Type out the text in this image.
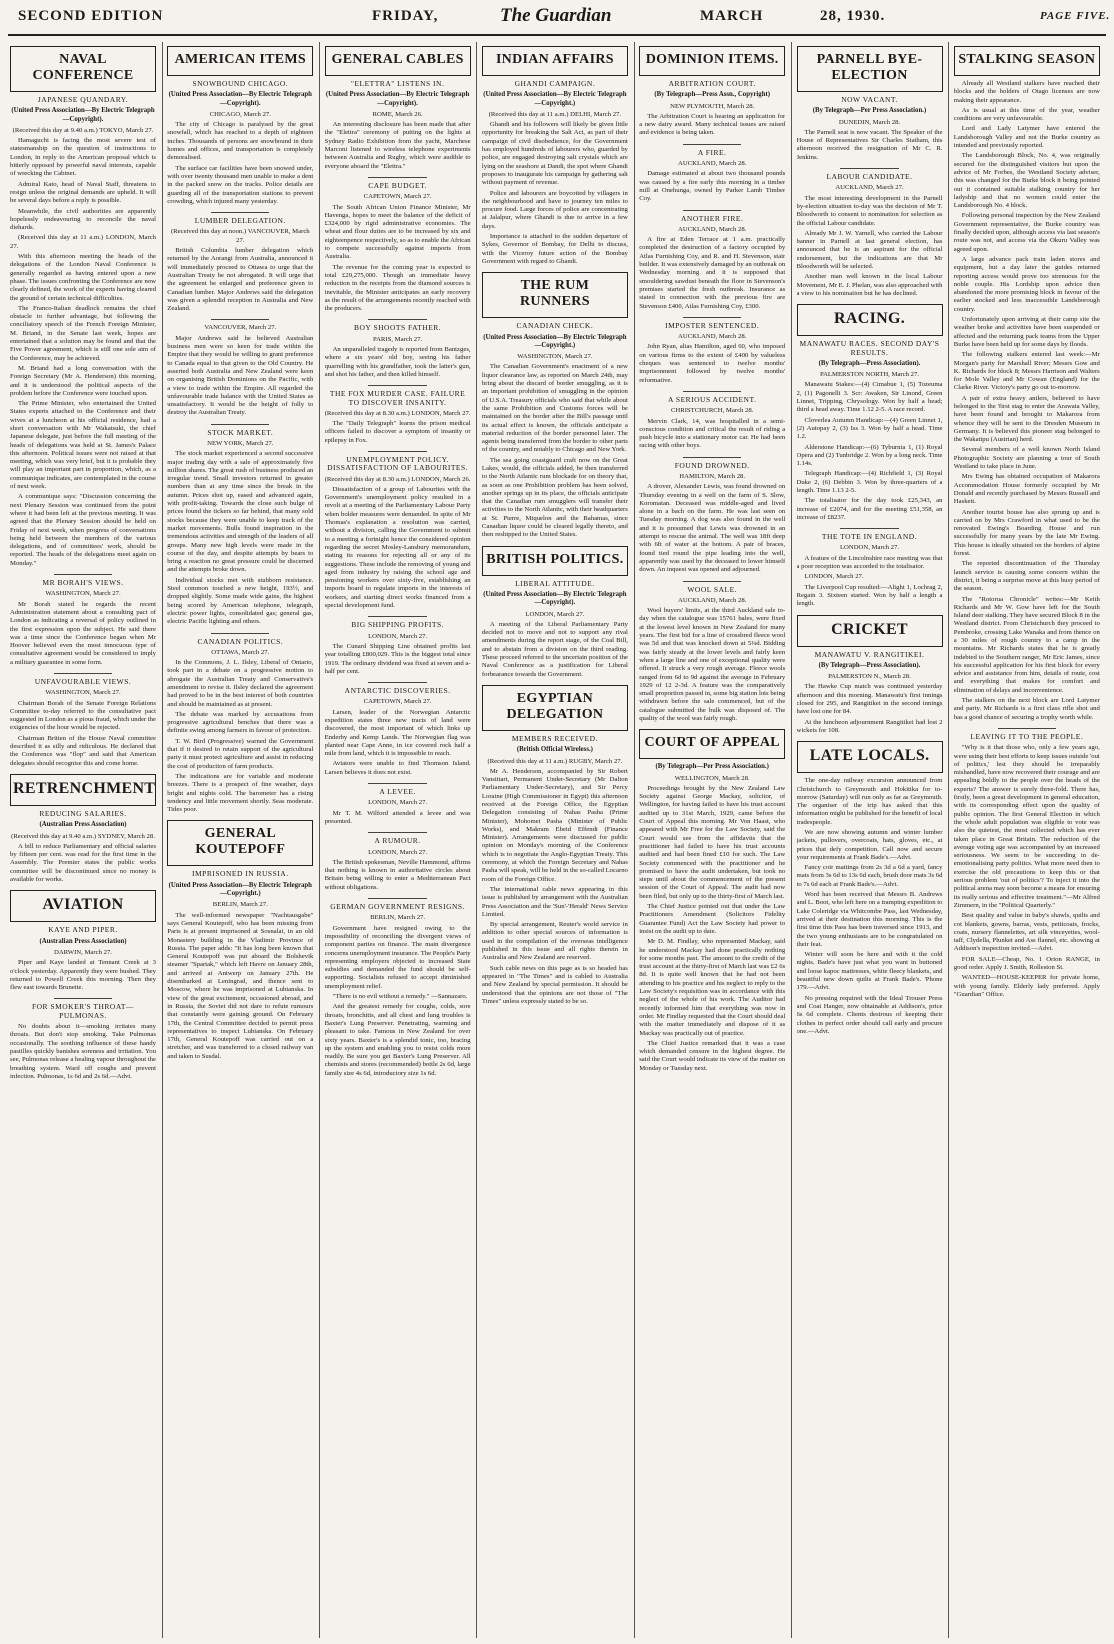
SECOND EDITION	FRIDAY,	The Guardian	MARCH	28, 1930.	PAGE FIVE.
NAVAL CONFERENCE
JAPANESE QUANDARY.
(United Press Association—By Electric Telegraph—Copyright).

(Received this day at 9.40 a.m.) TOKYO, March 27.

Hamaguchi is facing the most severe test of statesmanship on the question of instructions to London, in reply to the American proposal which is bitterly opposed by powerful naval interests, capable of wrecking the Cabinet.

Admiral Kato, head of Naval Staff, threatens to resign unless the original demands are upheld. It will be several days before a reply is possible.

Meanwhile, the civil authorities are apparently hopelessly endeavouring to reconcile the naval diehards.

(Received this day at 11 a.m.) LONDON, March 27.

With this afternoon meeting the heads of the delegations of the London Naval Conference is generally regarded as having entered upon a new phase. The issues confronting the Conference are now clearly defined, the work of the experts having cleared the ground of certain technical difficulties.

The Franco-Italian deadlock remains the chief obstacle to further advantage, but following the conciliatory speech of the French Foreign Minister, M. Briand, in the Senate last week, hopes are entertained that a solution may be found and that the Five Power agreement, which is still one sole aim of the Conference, may be achieved.

M. Briand had a long conversation with the Foreign Secretary (Mr A. Henderson) this morning, and it is understood the political aspects of the problem before the Conference were touched upon.

The Prime Minister, who entertained the United States experts attached to the Conference and their wives at a luncheon at his official residence, had a short conversation with Mr Wakatsuki, the chief Japanese delegate, just before the full meeting of the heads of delegations was held at St. James's Palace this afternoon. Political issues were not raised at that meeting, which was very brief, but it is probable they will play an important part in proportion, which, as a communique indicates, are contemplated in the course of next week.

A communique says: "Discussion concerning the next Plenary Session was continued from the point where it had been left at the previous meeting. It was agreed that the Plenary Session should be held on Friday of next week, when progress of conversations being held between the members of the various delegations, and of committees' work, should be reported. The heads of the delegations meet again on Monday."

MR BORAH'S VIEWS.

WASHINGTON, March 27.

Mr Borah stated he regards the recent Administration statement about a consulting pact of London as indicating a reversal of policy outlined in the first expression upon the subject. He said there was a time since the Conference began when Mr Hoover believed even the most innocuous type of consultative agreement would be considered to imply a military guarantee in some form.

UNFAVOURABLE VIEWS.

WASHINGTON, March 27.

Chairman Borah of the Senate Foreign Relations Committee to-day referred to the consultative pact suggested in London as a pious fraud, which under the exigencies of the hour would be rejected.

Chairman Britten of the House Naval committee described it as silly and ridiculous. He declared that the Conference was "flop" and said that American delegates should recognise this and come home.

RETRENCHMENT
REDUCING SALARIES.
(Australian Press Association)

(Received this day at 9.40 a.m.) SYDNEY, March 28.

A bill to reduce Parliamentary and official salaries by fifteen per cent. was read for the first time in the Assembly. The Premier states the public works committee will be discontinued since no money is available for works.

AVIATION
KAYE AND PIPER.
(Australian Press Association)

DARWIN, March 27.

Piper and Kaye landed at Tennant Creek at 3 o'clock yesterday. Apparently they were bushed. They returned to Powell Creek this morning. Then they flew east towards Brunette.

FOR SMOKER'S THROAT—PULMONAS.

No doubts about it—smoking irritates many throats. But don't stop smoking. Take Pulmonas occasionally. The soothing influence of these handy pastilles quickly banishes soreness and irritation. You see, Pulmonas release a healing vapour throughout the breathing system. Ward off coughs and prevent infection. Pulmonas, 1s 6d and 2s 6d.—Advt.

AMERICAN ITEMS
SNOWBOUND CHICAGO.
(United Press Association—By Electric Telegraph—Copyright).

CHICAGO, March 27.

The city of Chicago is paralysed by the great snowfall, which has reached to a depth of eighteen inches. Thousands of persons are snowbound in their homes and offices, and transportation is completely demoralised.

The surface car facilities have been snowed under, with over twenty thousand men unable to make a dent in the packed snow on the tracks. Police details are guarding all of the transportation stations to prevent crowding, which injured many yesterday.

LUMBER DELEGATION.

(Received this day at noon.) VANCOUVER, March 27.

British Columbia lumber delegation which returned by the Aorangi from Australia, announced it will immediately proceed to Ottawa to urge that the Australian Treaty be not abrogated. It will urge that the agreement be enlarged and preference given to Canadian lumber. Major Andrews said the delegation was given a splendid reception in Australia and New Zealand.

VANCOUVER, March 27.

Major Andrews said he believed Australian business men were so keen for trade within the Empire that they would be willing to grant preference to Canada equal to that given to the Old Country. He asserted both Australia and New Zealand were keen on organising British Dominions on the Pacific, with a view to trade within the Empire. All regarded the unfavourable trade balance with the United States as unsatisfactory. It would be the height of folly to destroy the Australian Treaty.

STOCK MARKET.

NEW YORK, March 27.

The stock market experienced a second successive major trading day with a sale of approximately five million shares. The great rush of business produced an irregular trend. Small investors returned in greater numbers than at any time since the break in the autumn. Prices shot up, eased and advanced again, with profit-taking. Towards the close such bulge of prices found the tickers so far behind, that many sold stocks because they were unable to keep track of the market movements. Bulls found inspiration in the tremendous activities and strength of the leaders of all groups. Many new high levels were made in the course of the day, and despite attempts by bears to bring a reaction no great pressure could be discerned and the attempts broke down.

Individual stocks met with stubborn resistance. Steel common touched a new height, 193½, and dropped slightly. Some made wide gains, the highest being scored by American telephone, telegraph, electric power lights, consolidated gas; general gas, electric Pacific lighting and others.

CANADIAN POLITICS.

OTTAWA, March 27.

In the Commons, J. L. Ilsley, Liberal of Ontario, took part in a debate on a progressive motion to abrogate the Australian Treaty and Conservative's amendment to revise it. Ilsley declared the agreement had proved to be in the best interest of both countries and should be maintained as at present.

The debate was marked by accusations from progressive agricultural benches that there was a definite swing among farmers in favour of protection.

T. W. Bird (Progressive) warned the Government that if it desired to retain support of the agricultural party it must protect agriculture and assist in reducing the cost of production of farm products.

The indications are for variable and moderate breezes. There is a prospect of fine weather, days bright and nights cold. The barometer has a rising tendency and little movement shortly. Seas moderate. Tides poor.

GENERAL KOUTEPOFF
IMPRISONED IN RUSSIA.
(United Press Association—By Electric Telegraph—Copyright.)

BERLIN, March 27.

The well-informed newspaper "Nachtausgabe" says General Koutepoff, who has been missing from Paris is at present imprisoned at Sosnalai, in an old Monastery building in the Vladimir Province of Russia. The paper adds: "It has long been known that General Koutepoff was put aboard the Bolshevik steamer "Spartak," which left Havre on January 28th, and arrived at Antwerp on January 27th. He disembarked at Leningrad, and thence sent to Moscow, where he was imprisoned at Lubianska. In view of the great excitement, occasioned abroad, and in Russia, the Soviet did not dare to refute rumours that constantly were gaining ground. On February 17th, the Central Committee decided to permit press representatives to inspect Lubianska. On February 17th, General Koutepoff was carried out on a stretcher, and was transferred to a closed railway van and taken to Susdal.

GENERAL CABLES
"ELETTRA" LISTENS IN.
(United Press Association—By Electric Telegraph—Copyright).

ROME, March 26.

An interesting disclosure has been made that after the "Elettra" ceremony of putting on the lights at Sydney Radio Exhibition from the yacht, Marchese Marconi listened to wireless telephone experiments between Australia and Rugby, which were audible to everyone aboard the "Elettra."

CAPE BUDGET.

CAPETOWN, March 27.

The South African Union Finance Minister, Mr Havenga, hopes to meet the balance of the deficit of £324,000 by rigid administrative economies. The wheat and flour duties are to be increased by six and eighteenpence respectively, so as to enable the African to compete successfully against imports from Australia.

The revenue for the coming year is expected to total £29,275,000. Though an immediate heavy reduction in the receipts from the diamond sources is inevitable, the Minister anticipates an early recovery as the result of the arrangements recently reached with the producers.

BOY SHOOTS FATHER.

PARIS, March 27.

An unparalleled tragedy is reported from Bantzges, where a six years' old boy, seeing his father quarrelling with his grandfather, took the latter's gun, and shot his father, and then killed himself.

THE FOX MURDER CASE. FAILURE TO DISCOVER INSANITY.

(Received this day at 8.30 a.m.) LONDON, March 27.

The "Daily Telegraph" learns the prison medical officers failed to discover a symptom of insanity or epilepsy in Fox.

UNEMPLOYMENT POLICY. DISSATISFACTION OF LABOURITES.

(Received this day at 8.30 a.m.) LONDON, March 26.

Dissatisfaction of a group of Labourites with the Government's unemployment policy resulted in a revolt at a meeting of the Parliamentary Labour Party when bolder measures were demanded. In spite of Mr Thomas's explanation a resolution was carried, without a division, calling the Government to submit to a meeting a fortnight hence the considered opinion regarding the secret Mosley-Lansbury memorandum, stating its reasons for rejecting all or any of its suggestions. These include the removing of young and aged from industry by raising the school age and pensioning workers over sixty-five, establishing an imports board to regulate imports in the interests of workers, and starting direct works financed from a special development fund.

BIG SHIPPING PROFITS.

LONDON, March 27.

The Cunard Shipping Line obtained profits last year totalling £800,029. This is the biggest total since 1919. The ordinary dividend was fixed at seven and a-half per cent.

ANTARCTIC DISCOVERIES.

CAPETOWN, March 27.

Larsen, leader of the Norwegian Antarctic expedition states three new tracts of land were discovered, the most important of which links up Enderby and Kemp Lands. The Norwegian flag was planted near Cape Anne, in ice covered rock half a mile from land, which it is impossible to reach.

Aviators were unable to find Thomson Island. Larsen believes it does not exist.

A LEVEE.

LONDON, March 27.

Mr T. M. Wilford attended a levee and was presented.

A RUMOUR.

LONDON, March 27.

The British spokesman, Neville Hammond, affirms that nothing is known in authoritative circles about Britain being willing to enter a Mediterranean Pact without obligations.

GERMAN GOVERNMENT RESIGNS.

BERLIN, March 27.

Government have resigned owing to the impossibility of reconciling the divergent views of component parties on finance. The main divergence concerns unemployment insurance. The People's Party representing employers objected to increased State subsidies and demanded the fund should be self-supporting. Socialists refused to accept diminished unemployment relief.

"There is no evil without a remedy." —Sannazaro.

And the greatest remedy for coughs, colds, sore throats, bronchitis, and all chest and lung troubles is Baxter's Lung Preserver. Penetrating, warming and pleasant to take. Famous in New Zealand for over sixty years. Baxter's is a splendid tonic, too, bracing up the system and enabling you to resist colds more readily. Be sure you get Baxter's Lung Preserver. All chemists and stores (recommended) bottle 2s 6d, large family size 4s 6d, introductory size 1s 6d.

INDIAN AFFAIRS
GHANDI CAMPAIGN.
(United Press Association—By Electric Telegraph—Copyright.)

(Received this day at 11 a.m.) DELHI, March 27.

Ghandi and his followers will likely be given little opportunity for breaking the Salt Act, as part of their campaign of civil disobedience, for the Government has employed hundreds of labourers who, guarded by police, are engaged destroying salt crystals which are lying on the seashore at Dandi, the spot where Ghandi proposes to inaugurate his campaign by gathering salt without payment of revenue.

Police and labourers are boycotted by villagers in the neighbourhood and have to journey ten miles to procure food. Large forces of police are concentrating at Jalalpur, where Ghandi is due to arrive in a few days.

Importance is attached to the sudden departure of Sykes, Governor of Bombay, for Delhi to discuss, with the Viceroy future action of the Bombay Government with regard to Ghandi.

THE RUM RUNNERS
CANADIAN CHECK.
(United Press Association—By Electric Telegraph—Copyright.)

WASHINGTON, March 27.

The Canadian Government's enactment of a new liquor clearance law, as reported on March 24th, may bring about the discard of border smuggling, as it is an important prohibition of smuggling in the opinion of U.S.A. Treasury officials who said that while about the same Prohibition and Customs forces will be maintained on the border after the Bill's passage until its actual effect is known, the officials anticipate a material reduction of the border personnel later. The agents being transferred from the border to other parts of the country, and notably to Chicago and New York.

The sea going coastguard craft now on the Great Lakes, would, the officials added, be then transferred to the North Atlantic rum blockade for on theory that, as soon as one Prohibition problem has been solved, another springs up in its place, the officials anticipate that the Canadian rum smugglers will transfer their activities to the North Atlantic, with their headquarters at St. Pierre, Miquelon and the Bahamas, since Canadian liquor could be cleared legally thereto, and then reshipped to the United States.

BRITISH POLITICS.
LIBERAL ATTITUDE.
(United Press Association—By Electric Telegraph—Copyright).

LONDON, March 27.

A meeting of the Liberal Parliamentary Party decided not to move and not to support any rival amendments during the report stage, of the Coal Bill, and to abstain from a division on the third reading. These proceed referred to the uncertain position of the Naval Conference as a justification for Liberal forbearance towards the Government.

EGYPTIAN DELEGATION
MEMBERS RECEIVED.
(British Official Wireless.)

(Received this day at 11 a.m.) RUGBY, March 27.

Mr A. Henderson, accompanied by Sir Robert Vansittart, Permanent Under-Secretary (Mr Dalton Parliamentary Under-Secretary), and Sir Percy Loraine (High Commissioner in Egypt) this afternoon received at the Foreign Office, the Egyptian Delegation consisting of Nahas Pasha (Prime Minister), Mohomet Pasha (Minister of Public Works), and Makram Ebeid Effendi (Finance Minister). Arrangements were discussed for public opinion on Monday's morning of the Conference which is to negotiate the Anglo-Egyptian Treaty. This ceremony, at which the Foreign Secretary and Nahas Pasha will speak, will be held in the so-called Locarno room of the Foreign Office.

The international cable news appearing in this issue is published by arrangement with the Australian Press Association and the 'Sun'-'Herald' News Service Limited.

By special arrangement, Reuter's world service in addition to other special sources of information is used in the compilation of the overseas intelligence published in this issue and all rights therein in Australia and New Zealand are reserved.

Such cable news on this page as is so headed has appeared in "The Times" and is cabled to Australia and New Zealand by special permission. It should be understood that the opinions are not those of "The Times" unless expressly stated to be so.

DOMINION ITEMS.
ARBITRATION COURT.
(By Telegraph—Press Assn., Copyright)

NEW PLYMOUTH, March 28.

The Arbitration Court is hearing an application for a new dairy award. Many technical issues are raised and evidence is being taken.

A FIRE.

AUCKLAND, March 28.

Damage estimated at about two thousand pounds was caused by a fire early this morning in a timber mill at Onehunga, owned by Parker Lamb Timber Coy.

ANOTHER FIRE.

AUCKLAND, March 28.

A fire at Eden Terrace at 1 a.m. practically completed the destruction of a factory occupied by Atlas Furnishing Coy, and R. and H. Stevenson, stair builder. It was extensively damaged by an outbreak on Wednesday morning and it is supposed that smouldering sawdust beneath the floor in Stevenson's premises started the fresh outbreak. Insurance as stated in connection with the previous fire are Stevenson £400, Atlas Furnishing Coy, £300.

IMPOSTER SENTENCED.

AUCKLAND, March 28.

John Ryan, alias Hamilton, aged 60, who imposed on various firms to the extent of £400 by valueless cheques was sentenced to twelve months' imprisonment followed by twelve months' reformative.

A SERIOUS ACCIDENT.

CHRISTCHURCH, March 28.

Mervin Clark, 14, was hospitalled in a semi-conscious condition and critical the result of riding a push bicycle into a stationary motor car. He had been racing with other boys.

FOUND DROWNED.

HAMILTON, March 28.

A drover, Alexander Lewis, was found drowned on Thursday evening in a well on the farm of S. Slow, Koromatan. Deceased was middle-aged and lived alone in a bach on the farm. He was last seen on Tuesday morning. A dog was also found in the well and it is presumed that Lewis was drowned in an attempt to rescue the animal. The well was 18ft deep with 6ft of water at the bottom. A pair of braces, found tied round the pipe leading into the well, apparently was used by the deceased to lower himself down. An inquest was opened and adjourned.

WOOL SALE.

AUCKLAND, March 28.

Wool buyers' limits, at the third Auckland sale to-day when the catalogue was 15761 bales, were fixed at the lowest level known in New Zealand for many years. The first bid for a line of crossbred fleece wool was 5d and that was knocked down at 5¼d. Bidding was fairly steady at the lower levels and fairly keen when a large line and one of exceptional quality were offered. It struck a very rough average. Fleece wools ranged from 6d to 9d against the average in February 1929 of 12 2-3d. A feature was the comparatively small proportion passed in, some big station lots being withdrawn before the sale commenced, but of the catalogue submitted the bulk was disposed of. The quality of the wool was fairly rough.

COURT OF APPEAL
(By Telegraph—Per Press Association.)

WELLINGTON, March 28.

Proceedings brought by the New Zealand Law Society against George Mackay, solicitor, of Wellington, for having failed to have his trust account audited up to 31st March, 1929, came before the Court of Appeal this morning. Mr Von Haast, who appeared with Mr Free for the Law Society, said the Court would see from the affidavits that the practitioner had failed to have his trust accounts audited and had been fined £10 for such. The Law Society commenced with the practitioner and he promised to have the audit undertaken, but took no steps until about the commencement of the present session of the Court of Appeal. The audit had now been filed, but only up to the thirty-first of March last.

The Chief Justice pointed out that under the Law Practitioners Amendment (Solicitors Fidelity Guarantee Fund) Act the Law Society had power to insist on the audit up to date.

Mr D. M. Findlay, who represented Mackay, said he understood Mackay had done practically nothing for some months past. The amount to the credit of the trust account at the thirty-first of March last was £2 6s 8d. It is quite well known that he had not been attending to his practice and his neglect to reply to the Law Society's requisition was in accordance with this neglect of the whole of his work. The Auditor had recently informed him that everything was now in order. Mr Findlay requested that the Court should deal with the matter immediately and dispose of it as Mackay was practically out of practice.

The Chief Justice remarked that it was a case which demanded censure in the highest degree. He said the Court would indicate its view of the matter on Monday or Tuesday next.

PARNELL BYE-ELECTION
NOW VACANT.
(By Telegraph—Per Press Association.)

DUNEDIN, March 28.

The Parnell seat is now vacant. The Speaker of the House of Representatives Sir Charles Statham, this afternoon received the resignation of Mr C. R. Jenkins.

LABOUR CANDIDATE.

AUCKLAND, March 27.

The most interesting development in the Parnell by-election situation to-day was the decision of Mr T. Bloodworth to consent to nomination for selection as the official Labour candidate.

Already Mr J. W. Yarnell, who carried the Labour banner in Parnell at last general election, has announced that he is an aspirant for the official endorsement, but the indications are that Mr Bloodworth will be selected.

Another man well known in the local Labour Movement, Mr E. J. Phelan, was also approached with a view to his nomination but he has declined.

RACING.
MANAWATU RACES. SECOND DAY'S RESULTS.
(By Telegraph—Press Association).

PALMERSTON NORTH, March 27.

Manawatu Stakes:—(4) Cimabue 1, (5) Tozeuma 2, (1) Pagonelli 3. Scr: Awaken, Sir Linond, Green Linnet, Tripping, Chrysology. Won by half a head; third a head away. Time 1.12 2-5. A race record.

Cloverlea Autumn Handicap:—(4) Green Linnet 1, (2) Autopay 2, (3) Iss 3. Won by half a head. Time 1.2.

Alderstone Handicap:—(6) Tyburnia 1, (1) Royal Opera and (2) Tunbridge 2. Won by a long neck. Time 1.14s.

Telegraph Handicap:—(4) Richfield 1, (3) Royal Duke 2, (6) Debbin 3. Won by three-quarters of a length. Time 1.13 2-5.

The totalisator for the day took £25,343, an increase of £2074, and for the meeting £51,358, an increase of £8237.

THE TOTE IN ENGLAND.

LONDON, March 27.

A feature of the Lincolnshire race meeting was that a poor reception was accorded to the totalisator.

LONDON, March 27.

The Liverpool Cup resulted:—Alight 1, Lochrag 2, Regain 3. Sixteen started. Won by half a length a length.

CRICKET
MANAWATU V. RANGITIKEI.
(By Telegraph—Press Association).

PALMERSTON N., March 28.

The Hawke Cup match was continued yesterday afternoon and this morning. Manawatu's first innings closed for 295, and Rangitikei in the second innings have lost one for 84.

At the luncheon adjournment Rangitikei had lost 2 wickets for 108.

LATE LOCALS.

The one-day railway excursion announced from Christchurch to Greymouth and Hokitika for to-morrow (Saturday) will run only as far as Greymouth. The organiser of the trip has asked that this information might be published for the benefit of local tradespeople.

We are now showing autumn and winter lumber jackets, pullovers, overcoats, hats, gloves, etc., at prices that defy competition. Call now and secure your requirements at Frank Bade's.—Advt.

Fancy coir mattings from 2s 3d a 6d a yard, fancy mats from 3s 6d to 13s 6d each, brush door mats 3s 6d to 7s 6d each at Frank Bade's.—Advt.

Word has been received that Messrs B. Andrews and L. Boot, who left here on a tramping expedition to Lake Coleridge via Whitcombe Pass, last Wednesday, arrived at their destination this morning. This is the first time this Pass has been traversed since 1913, and the two young enthusiasts are to be congratulated on their feat.

Winter will soon be here and with it the cold nights. Bade's have just what you want in buttoned and loose kapoc mattresses, white fleecy blankets, and beautiful new down quilts at Frank Bade's. 'Phone 179.—Advt.

No pressing required with the Ideal Trouser Press and Coat Hanger, now obtainable at Addison's, price 6s 6d complete. Clients desirous of keeping their clothes in perfect order should call early and procure one.—Advt.

STALKING SEASON

Already all Westland stalkers have reached their blocks and the holders of Otago licenses are now making their appearance.

As is usual at this time of the year, weather conditions are very unfavourable.

Lord and Lady Latymer have entered the Landsborough Valley and not the Burke country as intended and previously reported.

The Landsborough Block, No. 4, was originally secured for the distinguished visitors but upon the advice of Mr Forbes, the Westland Society adviser, this was changed for the Burke block it being pointed out it contained suitable stalking country for her ladyship and that no women could enter the Landsborough No. 4 block.

Following personal inspection by the New Zealand Government representative, the Burke country was finally decided upon, although access via last season's route was not, and access via the Okuru Valley was agreed upon.

A large advance pack train laden stores and equipment, but a day later the guides returned reporting access would prove too strenuous for the noble couple. His Lordship upon advice then abandoned the more promising block in favour of the earlier stocked and less inaccessible Landsborough country.

Unfortunately upon arriving at their camp site the weather broke and activities have been suspended or affected and the returning pack teams from the Upper Burke have been held up for some days by floods.

The following stalkers entered last week:—Mr Morgan's party for Marshall River; Messrs Gow and K. Richards for block 8; Messrs Harrison and Walters for Mole Valley and Mr Cowan (England) for the Clarke River. Victory's party go out to-morrow.

A pair of extra heavy antlers, believed to have belonged to the 'first stag to enter the Arawata Valley, have been found and brought to Makarora from whence they will be sent to the Dresden Museum in Germany. It is believed this pioneer stag belonged to the Wakatipu (Austrian) herd.

Several members of a well known North Island Photographic Society are planning a tour of South Westland to take place in June.

Mrs Ewing has obtained occupation of Makarora Accommodation House formerly occupied by Mr Donald and recently purchased by Messrs Russell and Haskett.

Another tourist house has also sprung up and is carried on by Mrs Crawford in what used to be the renovated Ewing's Boarding House and run successfully for many years by the late Mr Ewing. This house is ideally situated on the borders of alpine forest.

The reported discontinuation of the Thursday launch service is causing some concern within the district, it being a surprise move at this busy period of the season.

The "Rotorua Chronicle" writes:—Mr Keith Richards and Mr W. Gow have left for the South Island deer stalking. They have secured Block 8 in the Westland district. From Christchurch they proceed to Pembroke, crossing Lake Wanaka and from thence on a 30 miles of rough country to a camp in the mountains. Mr Richards states that he is greatly indebted to the Southern ranger, Mr Eric James, since his successful application for his first block for every advice and assistance from him, details of route, cost and everything that makes for comfort and elimination of delays and inconvenience.

The stalkers on the next block are Lord Latymer and party. Mr Richards is a first class rifle shot and has a good chance of securing a trophy worth while.

LEAVING IT TO THE PEOPLE.

"Why is it that those who, only a few years ago, were using their best efforts to keep issues outside 'out of politics,' lest they should be irreparably mishandled, have now recovered their courage and are appealing boldly to the people over the heads of the experts? The answer is surely three-fold. There has, firstly, been a great development in general education, with its corresponding effect upon the quality of public opinion. The first General Election in which the whole adult population was eligible to vote was also the quietest, the most collected which has ever taken place in Great Britain. The reduction of the average voting age was accompanied by an increased seriousness. We seem to be succeeding in de-emotionalising party politics. What more need then to exercise the old precautions to keep this or that serious problem 'out of politics'? To inject it into the political arena may soon become a means for ensuring its really serious and effective treatment."—Mr Alfred Zimmern, in the "Political Quarterly."

Best quality and value in baby's shawls, quilts and cot blankets, gowns, barras, vests, petticoats, frocks, coats, nursery flannelettes, art silk vinceyettes, wool-taff, Clydella, Plunket and Ass flannel, etc. showing at Addison's inspection invited.—Advt.

FOR SALE—Cheap, No. 1 Orion RANGE, in good order. Apply J. Smith, Rolleston St.

WANTED—HOUSE-KEEPER for private home, with young family. Elderly lady preferred. Apply "Guardian" Office.
